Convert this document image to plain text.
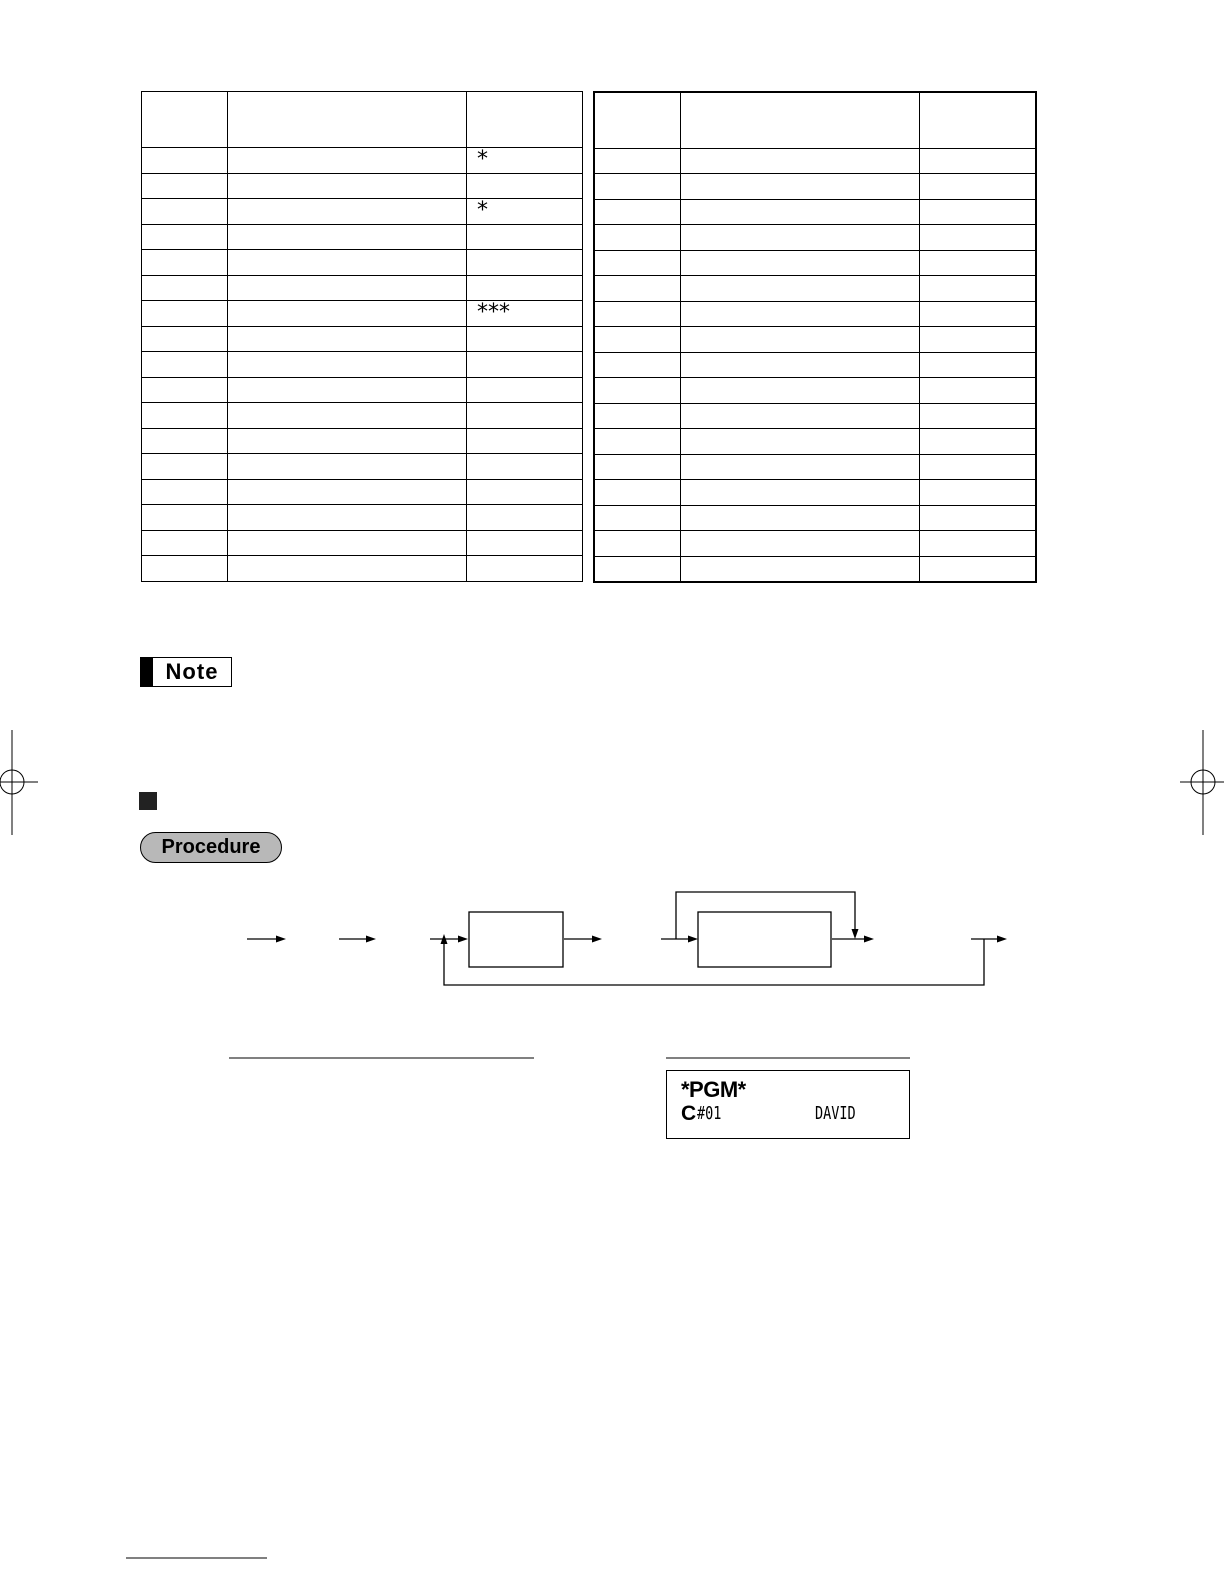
		*

		*

		***

Note
Procedure
*PGM*
C #01	DAVID
